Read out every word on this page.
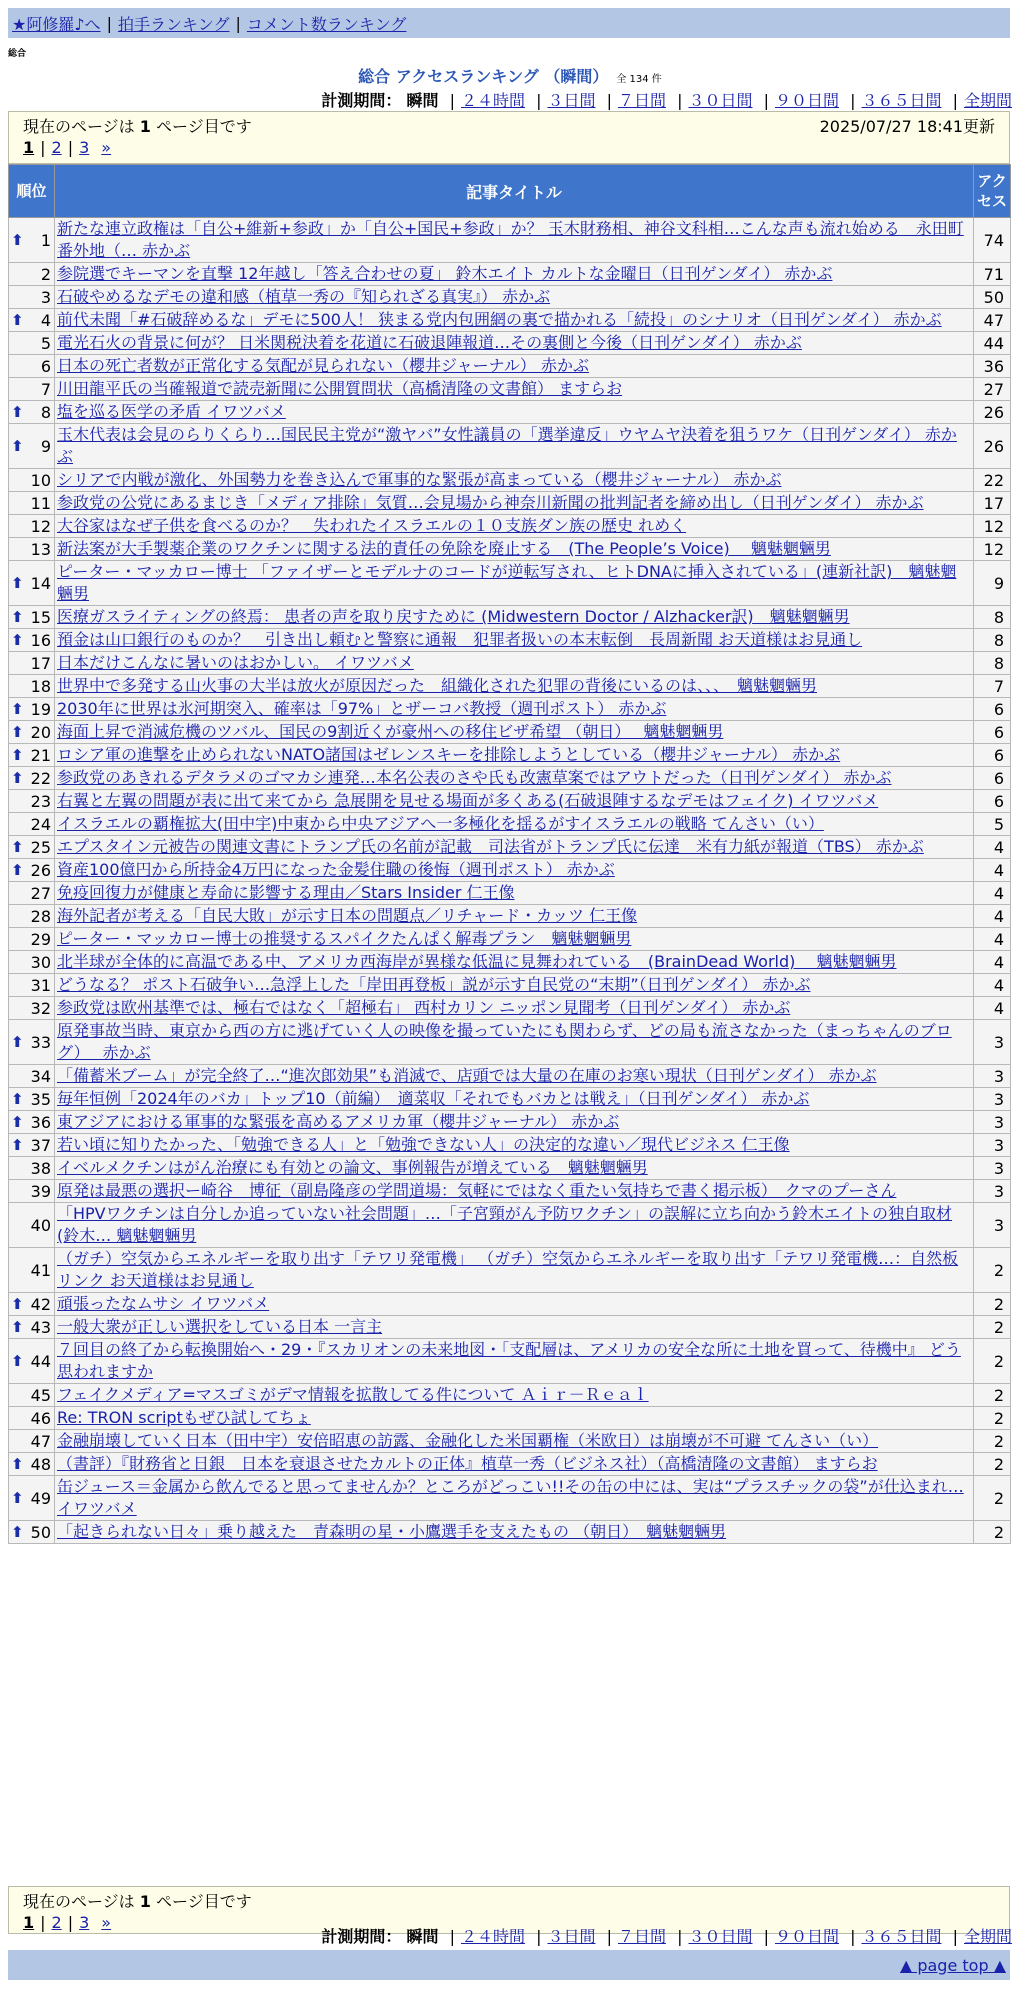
★阿修羅♪へ | 拍手ランキング | コメント数ランキング
総合
総合 アクセスランキング （瞬間） 全 134 件
計測期間： 瞬間 | ２４時間 | ３日間 | ７日間 | ３０日間 | ９０日間 | ３６５日間 | 全期間
現在のページは 1 ページ目です	2025/07/27 18:41更新
1 | 2 | 3 »
順位	記事タイトル	アクセス

⬆ 1	新たな連立政権は「自公+維新+参政」か「自公+国民+参政」か？ 玉木財務相、神谷文科相…こんな声も流れ始める　永田町番外地（… 赤かぶ	74
2	参院選でキーマンを直撃 12年越し「答え合わせの夏」 鈴木エイト カルトな金曜日（日刊ゲンダイ） 赤かぶ	71
3	石破やめるなデモの違和感（植草一秀の『知られざる真実』） 赤かぶ	50

⬆ 4	前代未聞「#石破辞めるな」デモに500人！ 狭まる党内包囲網の裏で描かれる「続投」のシナリオ（日刊ゲンダイ） 赤かぶ	47
5	電光石火の背景に何が？ 日米関税決着を花道に石破退陣報道…その裏側と今後（日刊ゲンダイ） 赤かぶ	44
6	日本の死亡者数が正常化する気配が見られない（櫻井ジャーナル） 赤かぶ	36
7	川田龍平氏の当確報道で読売新聞に公開質問状（高橋清隆の文書館） ますらお	27

⬆ 8	塩を巡る医学の矛盾 イワツバメ	26

⬆ 9	玉木代表は会見のらりくらり…国民民主党が“激ヤバ”女性議員の「選挙違反」ウヤムヤ決着を狙うワケ（日刊ゲンダイ） 赤かぶ	26
10	シリアで内戦が激化、外国勢力を巻き込んで軍事的な緊張が高まっている（櫻井ジャーナル） 赤かぶ	22
11	参政党の公党にあるまじき「メディア排除」気質…会見場から神奈川新聞の批判記者を締め出し（日刊ゲンダイ） 赤かぶ	17
12	大谷家はなぜ子供を食べるのか？　失われたイスラエルの１０支族ダン族の歴史 れめく	12
13	新法案が大手製薬企業のワクチンに関する法的責任の免除を廃止する　(The People’s Voice)　 魑魅魍魎男	12

⬆ 14	ピーター・マッカロー博士 「ファイザーとモデルナのコードが逆転写され、ヒトDNAに挿入されている」(連新社訳)　魑魅魍魎男	9

⬆ 15	医療ガスライティングの終焉： 患者の声を取り戻すために (Midwestern Doctor / Alzhacker訳)　魑魅魍魎男	8

⬆ 16	預金は山口銀行のものか？　引き出し頼むと警察に通報　犯罪者扱いの本末転倒　長周新聞 お天道様はお見通し	8
17	日本だけこんなに暑いのはおかしい。 イワツバメ	8
18	世界中で多発する山火事の大半は放火が原因だった　組織化された犯罪の背後にいるのは、、、　魑魅魍魎男	7

⬆ 19	2030年に世界は氷河期突入、確率は「97%」とザーコバ教授（週刊ポスト） 赤かぶ	6

⬆ 20	海面上昇で消滅危機のツバル、国民の9割近くが豪州への移住ビザ希望 （朝日）　 魑魅魍魎男	6

⬆ 21	ロシア軍の進撃を止められないNATO諸国はゼレンスキーを排除しようとしている（櫻井ジャーナル） 赤かぶ	6

⬆ 22	参政党のあきれるデタラメのゴマカシ連発…本名公表のさや氏も改憲草案ではアウトだった（日刊ゲンダイ） 赤かぶ	6
23	右翼と左翼の問題が表に出て来てから 急展開を見せる場面が多くある(石破退陣するなデモはフェイク) イワツバメ	6
24	イスラエルの覇権拡大(田中宇)中東から中央アジアへ一多極化を揺るがすイスラエルの戦略 てんさい（い）	5

⬆ 25	エプスタイン元被告の関連文書にトランプ氏の名前が記載　司法省がトランプ氏に伝達　米有力紙が報道（TBS） 赤かぶ	4

⬆ 26	資産100億円から所持金4万円になった金髪住職の後悔（週刊ポスト） 赤かぶ	4
27	免疫回復力が健康と寿命に影響する理由／Stars Insider 仁王像	4
28	海外記者が考える「自民大敗」が示す日本の問題点／リチャード・カッツ 仁王像	4
29	ピーター・マッカロー博士の推奨するスパイクたんぱく解毒プラン　魑魅魍魎男	4
30	北半球が全体的に高温である中、アメリカ西海岸が異様な低温に見舞われている　(BrainDead World)　 魑魅魍魎男	4
31	どうなる？ ポスト石破争い…急浮上した「岸田再登板」説が示す自民党の“末期”（日刊ゲンダイ） 赤かぶ	4
32	参政党は欧州基準では、極右ではなく「超極右」 西村カリン ニッポン見聞考（日刊ゲンダイ） 赤かぶ	4

⬆ 33	原発事故当時、東京から西の方に逃げていく人の映像を撮っていたにも関わらず、どの局も流さなかった（まっちゃんのブログ）　 赤かぶ	3
34	「備蓄米ブーム」が完全終了…“進次郎効果”も消滅で、店頭では大量の在庫のお寒い現状（日刊ゲンダイ） 赤かぶ	3

⬆ 35	毎年恒例「2024年のバカ」トップ10（前編）　適菜収「それでもバカとは戦え」（日刊ゲンダイ） 赤かぶ	3

⬆ 36	東アジアにおける軍事的な緊張を高めるアメリカ軍（櫻井ジャーナル） 赤かぶ	3

⬆ 37	若い頃に知りたかった、「勉強できる人」と「勉強できない人」の決定的な違い／現代ビジネス 仁王像	3
38	イベルメクチンはがん治療にも有効との論文、事例報告が増えている　魑魅魍魎男	3
39	原発は最悪の選択ー崎谷　博征（副島隆彦の学問道場：気軽にではなく重たい気持ちで書く掲示板）　クマのプーさん	3
40	「HPVワクチンは自分しか追っていない社会問題」…「子宮頸がん予防ワクチン」の誤解に立ち向かう鈴木エイトの独自取材(鈴木… 魑魅魍魎男	3
41	（ガチ）空気からエネルギーを取り出す「テワリ発電機」 （ガチ）空気からエネルギーを取り出す「テワリ発電機…：自然板リンク お天道様はお見通し	2

⬆ 42	頑張ったなムサシ イワツバメ	2

⬆ 43	一般大衆が正しい選択をしている日本 一言主	2

⬆ 44	７回目の終了から転換開始へ・29・『スカリオンの未来地図・「支配層は、アメリカの安全な所に土地を買って、待機中』 どう思われますか	2
45	フェイクメディア=マスゴミがデマ情報を拡散してる件について Ａｉｒ－Ｒｅａｌ	2
46	Re: TRON scriptもぜひ試してちょ	2
47	金融崩壊していく日本（田中宇）安倍昭恵の訪露、金融化した米国覇権（米欧日）は崩壊が不可避 てんさい（い）	2

⬆ 48	（書評）『財務省と日銀　日本を衰退させたカルトの正体』植草一秀（ビジネス社）（高橋清隆の文書館） ますらお	2

⬆ 49	缶ジュース＝金属から飲んでると思ってませんか？ところがどっこい!!その缶の中には、実は“プラスチックの袋”が仕込まれ…イワツバメ	2

⬆ 50	「起きられない日々」乗り越えた　青森明の星・小鷹選手を支えたもの （朝日）　魑魅魍魎男	2
現在のページは 1 ページ目です
1 | 2 | 3 »
計測期間： 瞬間 | ２４時間 | ３日間 | ７日間 | ３０日間 | ９０日間 | ３６５日間 | 全期間
▲ page top ▲
